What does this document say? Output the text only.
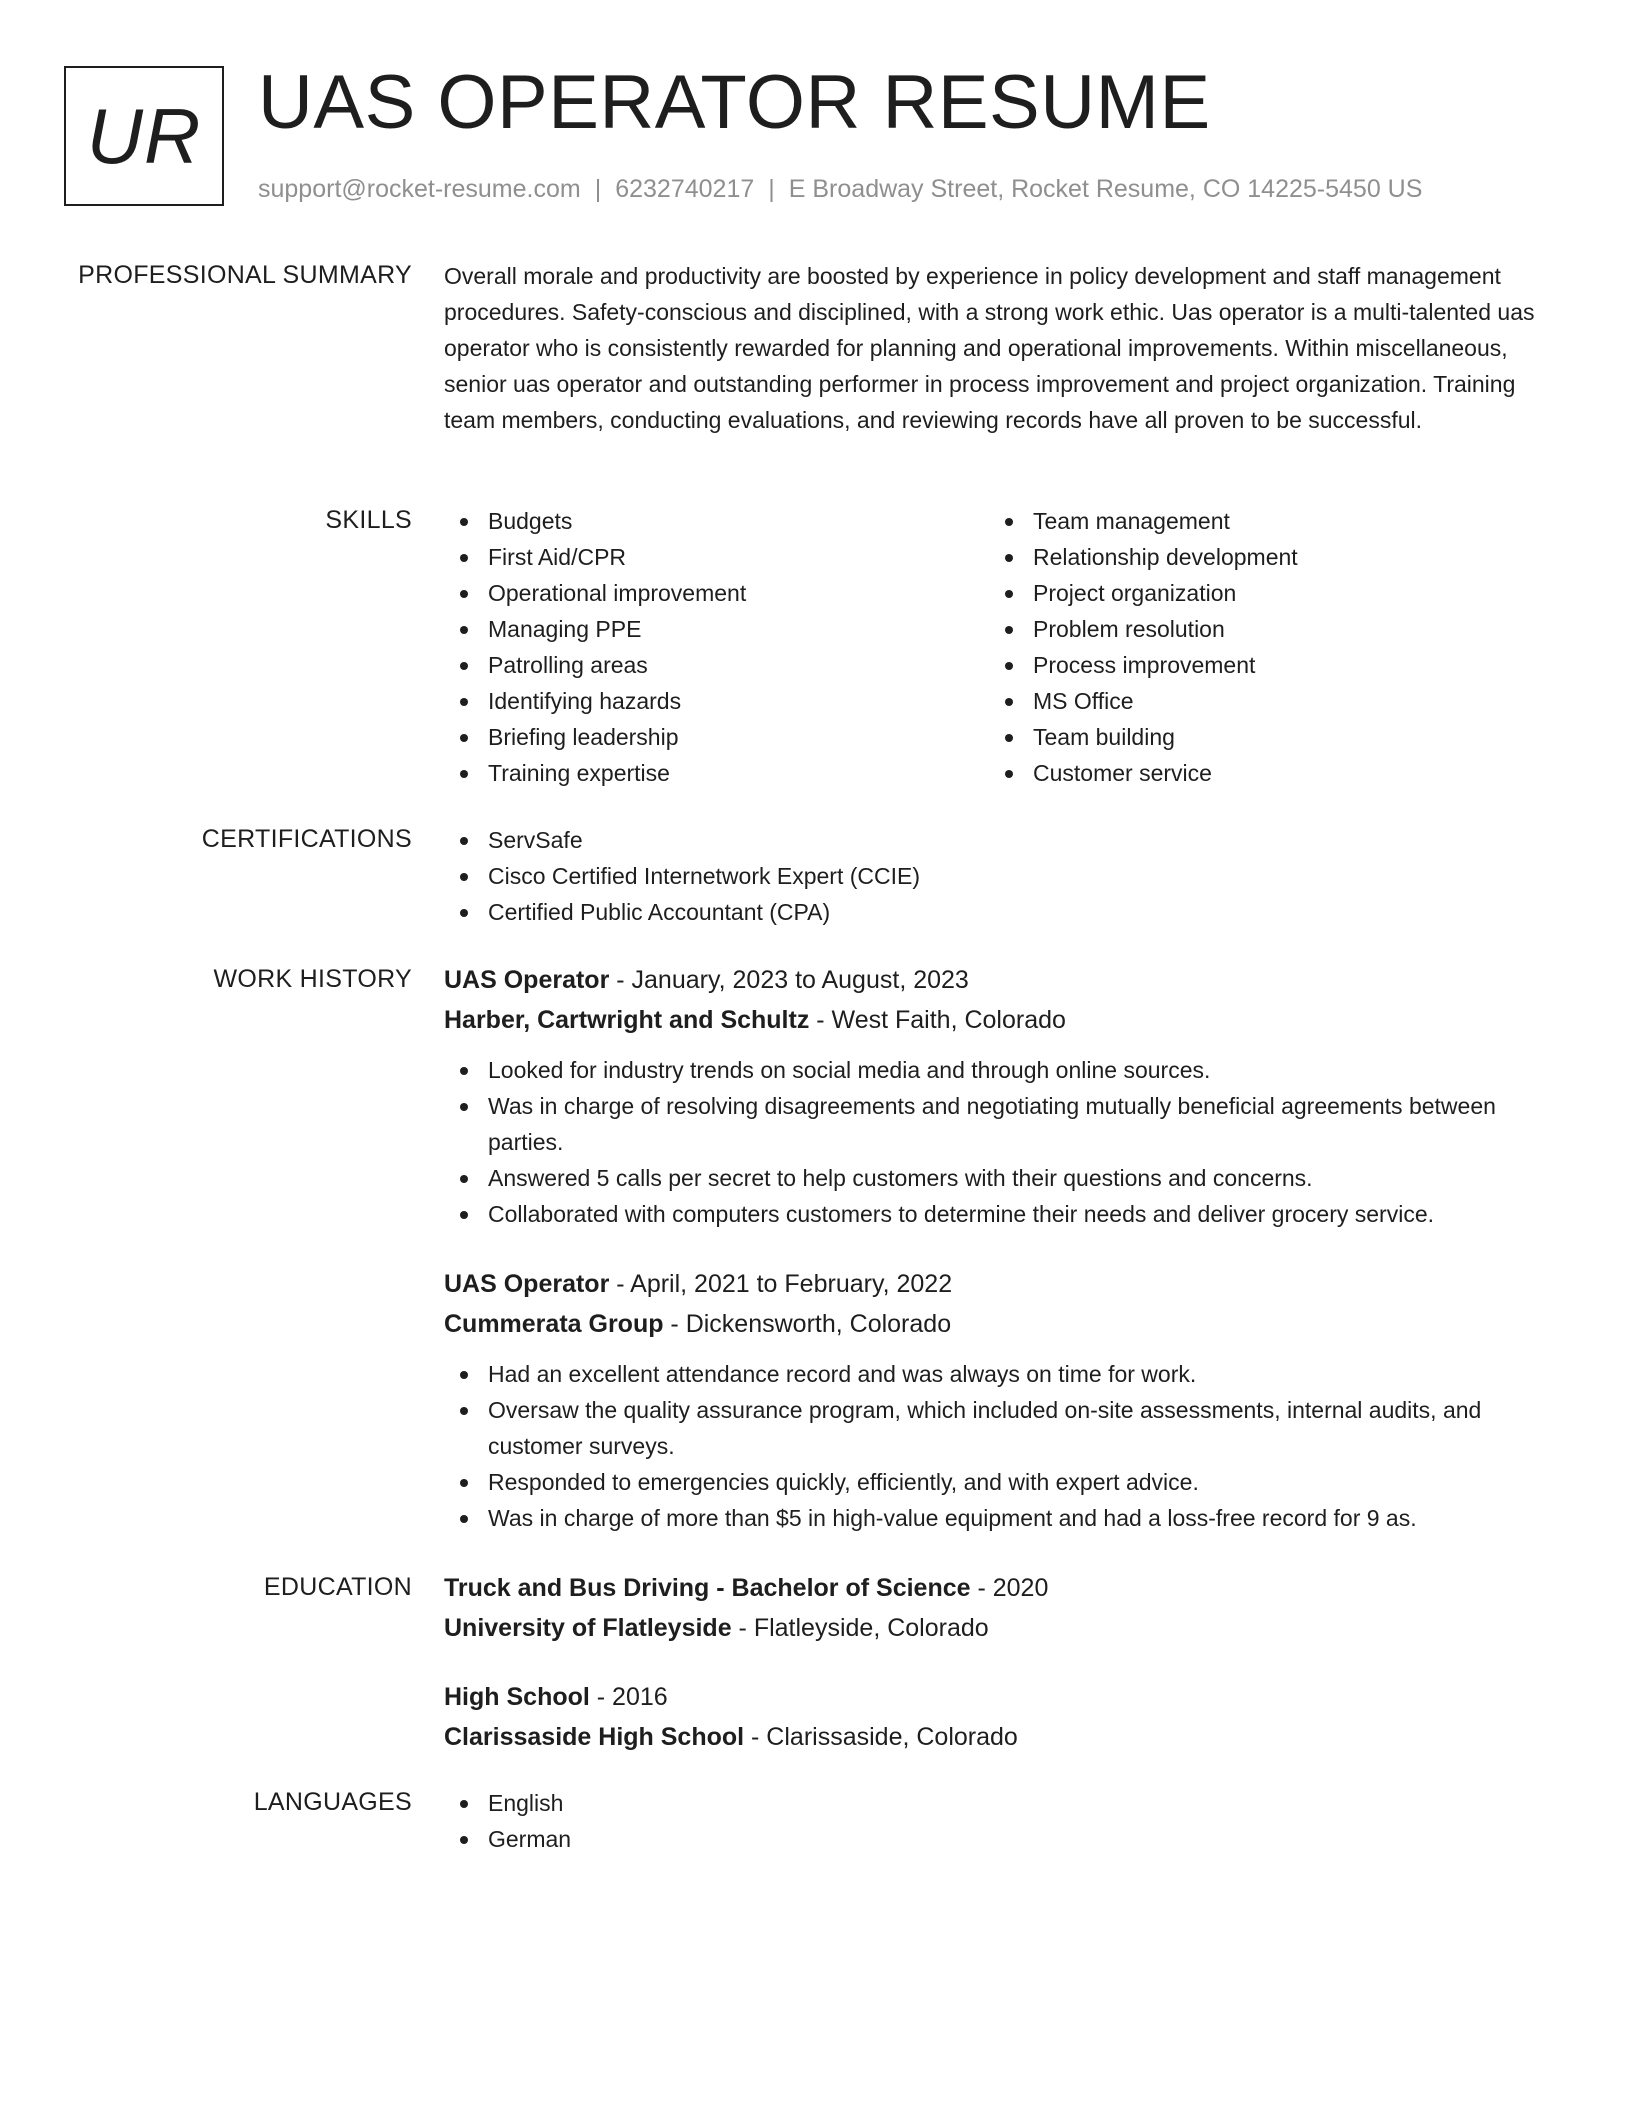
UR UAS OPERATOR RESUME
support@rocket-resume.com | 6232740217 | E Broadway Street, Rocket Resume, CO 14225-5450 US
PROFESSIONAL SUMMARY Overall morale and productivity are boosted by experience in policy development and staff management procedures. Safety-conscious and disciplined, with a strong work ethic. Uas operator is a multi-talented uas operator who is consistently rewarded for planning and operational improvements. Within miscellaneous, senior uas operator and outstanding performer in process improvement and project organization. Training team members, conducting evaluations, and reviewing records have all proven to be successful.

SKILLS	Budgets
First Aid/CPR
Operational improvement
Managing PPE
Patrolling areas
Identifying hazards
Briefing leadership
Training expertise
Team management
Relationship development
Project organization
Problem resolution
Process improvement
MS Office
Team building
Customer service
CERTIFICATIONS	ServSafe
Cisco Certified Internetwork Expert (CCIE)
Certified Public Accountant (CPA)
WORK HISTORY UAS Operator - January, 2023 to August, 2023
Harber, Cartwright and Schultz - West Faith, Colorado
Looked for industry trends on social media and through online sources.
Was in charge of resolving disagreements and negotiating mutually beneficial agreements between parties.
Answered 5 calls per secret to help customers with their questions and concerns.
Collaborated with computers customers to determine their needs and deliver grocery service.
UAS Operator - April, 2021 to February, 2022
Cummerata Group - Dickensworth, Colorado
Had an excellent attendance record and was always on time for work.
Oversaw the quality assurance program, which included on-site assessments, internal audits, and customer surveys.
Responded to emergencies quickly, efficiently, and with expert advice.
Was in charge of more than $5 in high-value equipment and had a loss-free record for 9 as.
EDUCATION Truck and Bus Driving - Bachelor of Science - 2020
University of Flatleyside - Flatleyside, Colorado
High School - 2016
Clarissaside High School - Clarissaside, Colorado
LANGUAGES	English
German
